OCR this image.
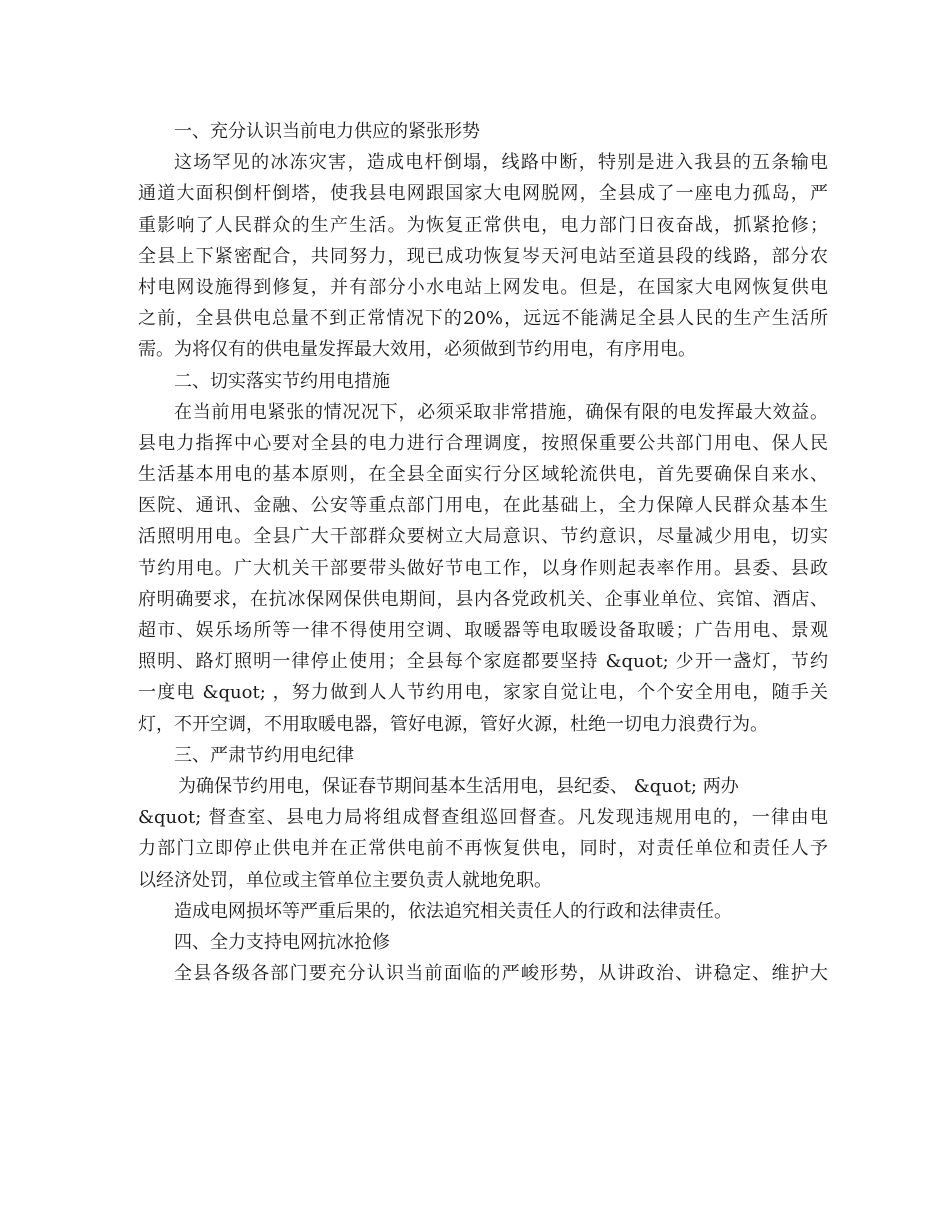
一、充分认识当前电力供应的紧张形势
这场罕见的冰冻灾害，造成电杆倒塌，线路中断，特别是进入我县的五条输电
通道大面积倒杆倒塔，使我县电网跟国家大电网脱网，全县成了一座电力孤岛，严
重影响了人民群众的生产生活。为恢复正常供电，电力部门日夜奋战，抓紧抢修；
全县上下紧密配合，共同努力，现已成功恢复岑天河电站至道县段的线路，部分农
村电网设施得到修复，并有部分小水电站上网发电。但是，在国家大电网恢复供电
之前，全县供电总量不到正常情况下的20%，远远不能满足全县人民的生产生活所
需。为将仅有的供电量发挥最大效用，必须做到节约用电，有序用电。
二、切实落实节约用电措施
在当前用电紧张的情况况下，必须采取非常措施，确保有限的电发挥最大效益。
县电力指挥中心要对全县的电力进行合理调度，按照保重要公共部门用电、保人民
生活基本用电的基本原则，在全县全面实行分区域轮流供电，首先要确保自来水、
医院、通讯、金融、公安等重点部门用电，在此基础上，全力保障人民群众基本生
活照明用电。全县广大干部群众要树立大局意识、节约意识，尽量减少用电，切实
节约用电。广大机关干部要带头做好节电工作，以身作则起表率作用。县委、县政
府明确要求，在抗冰保网保供电期间，县内各党政机关、企事业单位、宾馆、酒店、
超市、娱乐场所等一律不得使用空调、取暖器等电取暖设备取暖；广告用电、景观
照明、路灯照明一律停止使用；全县每个家庭都要坚持 &quot; 少开一盏灯，节约
一度电 &quot; ，努力做到人人节约用电，家家自觉让电，个个安全用电，随手关
灯，不开空调，不用取暖电器，管好电源，管好火源，杜绝一切电力浪费行为。
三、严肃节约用电纪律
为确保节约用电，保证春节期间基本生活用电，县纪委、 &quot; 两办
&quot; 督查室、县电力局将组成督查组巡回督查。凡发现违规用电的，一律由电
力部门立即停止供电并在正常供电前不再恢复供电，同时，对责任单位和责任人予
以经济处罚，单位或主管单位主要负责人就地免职。
造成电网损坏等严重后果的，依法追究相关责任人的行政和法律责任。
四、全力支持电网抗冰抢修
全县各级各部门要充分认识当前面临的严峻形势，从讲政治、讲稳定、维护大
